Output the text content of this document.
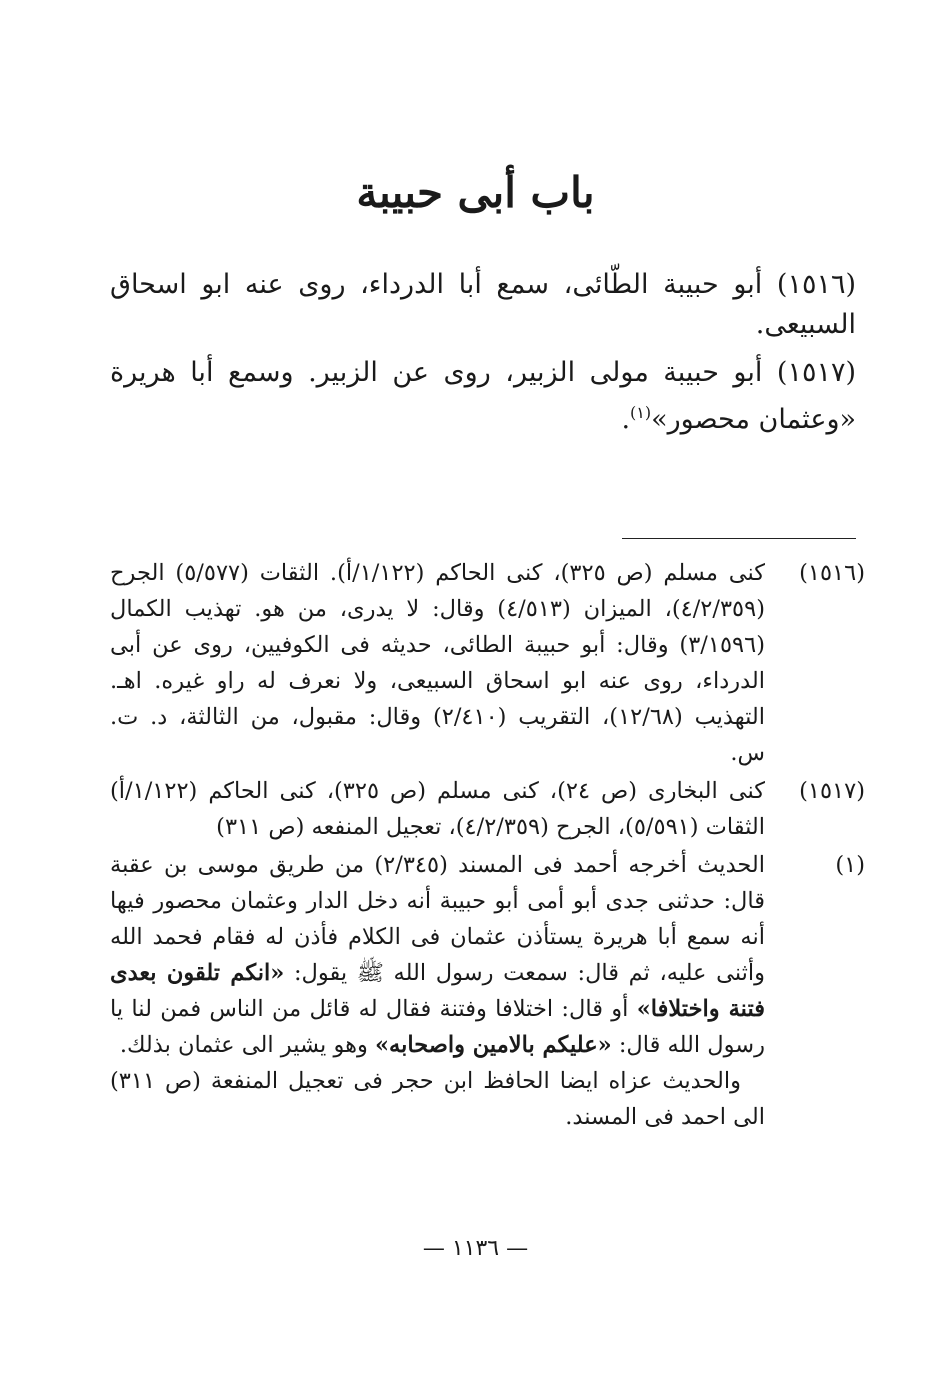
باب أبى حبيبة

(١٥١٦) أبو حبيبة الطّائى، سمع أبا الدرداء، روى عنه ابو اسحاق السبيعى.

(١٥١٧) أبو حبيبة مولى الزبير، روى عن الزبير. وسمع أبا هريرة «وعثمان محصور»$^{(١)}$.

(١٥١٦)
كنى مسلم (ص ٣٢٥)، كنى الحاكم (١/١٢٢/أ). الثقات (٥/٥٧٧) الجرح (٤/٢/٣٥٩)، الميزان (٤/٥١٣) وقال: لا يدرى، من هو. تهذيب الكمال (٣/١٥٩٦) وقال: أبو حبيبة الطائى، حديثه فى الكوفيين، روى عن أبى الدرداء، روى عنه ابو اسحاق السبيعى، ولا نعرف له راو غيره. اهـ. التهذيب (١٢/٦٨)، التقريب (٢/٤١٠) وقال: مقبول، من الثالثة، د. ت. س.
(١٥١٧)
كنى البخارى (ص ٢٤)، كنى مسلم (ص ٣٢٥)، كنى الحاكم (١/١٢٢/أ) الثقات (٥/٥٩١)، الجرح (٤/٢/٣٥٩)، تعجيل المنفعه (ص ٣١١)
(١)

الحديث أخرجه أحمد فى المسند (٢/٣٤٥) من طريق موسى بن عقبة قال: حدثنى جدى أبو أمى أبو حبيبة أنه دخل الدار وعثمان محصور فيها أنه سمع أبا هريرة يستأذن عثمان فى الكلام فأذن له فقام فحمد الله وأثنى عليه، ثم قال: سمعت رسول الله ﷺ يقول: «انكم تلقون بعدى فتنة واختلافا» أو قال: اختلافا وفتنة فقال له قائل من الناس فمن لنا يا رسول الله قال: «عليكم بالامين واصحابه» وهو يشير الى عثمان بذلك.

والحديث عزاه ايضا الحافظ ابن حجر فى تعجيل المنفعة (ص ٣١١) الى احمد فى المسند.

— ١١٣٦ —
